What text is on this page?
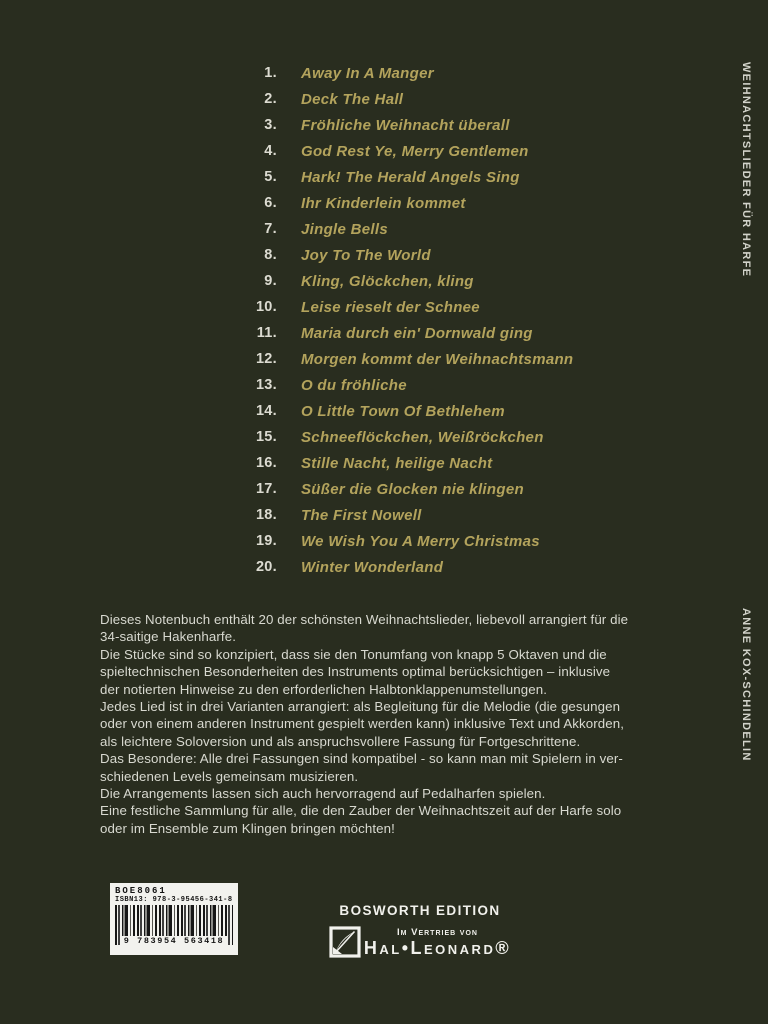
1. Away In A Manger
2. Deck The Hall
3. Fröhliche Weihnacht überall
4. God Rest Ye, Merry Gentlemen
5. Hark! The Herald Angels Sing
6. Ihr Kinderlein kommet
7. Jingle Bells
8. Joy To The World
9. Kling, Glöckchen, kling
10. Leise rieselt der Schnee
11. Maria durch ein' Dornwald ging
12. Morgen kommt der Weihnachtsmann
13. O du fröhliche
14. O Little Town Of Bethlehem
15. Schneeflöckchen, Weißröckchen
16. Stille Nacht, heilige Nacht
17. Süßer die Glocken nie klingen
18. The First Nowell
19. We Wish You A Merry Christmas
20. Winter Wonderland
Dieses Notenbuch enthält 20 der schönsten Weihnachtslieder, liebevoll arrangiert für die
34-saitige Hakenharfe.
Die Stücke sind so konzipiert, dass sie den Tonumfang von knapp 5 Oktaven und die
spieltechnischen Besonderheiten des Instruments optimal berücksichtigen – inklusive
der notierten Hinweise zu den erforderlichen Halbtonklappenumstellungen.
Jedes Lied ist in drei Varianten arrangiert: als Begleitung für die Melodie (die gesungen
oder von einem anderen Instrument gespielt werden kann) inklusive Text und Akkorden,
als leichtere Soloversion und als anspruchsvollere Fassung für Fortgeschrittene.
Das Besondere: Alle drei Fassungen sind kompatibel - so kann man mit Spielern in ver-
schiedenen Levels gemeinsam musizieren.
Die Arrangements lassen sich auch hervorragend auf Pedalharfen spielen.
Eine festliche Sammlung für alle, die den Zauber der Weihnachtszeit auf der Harfe solo
oder im Ensemble zum Klingen bringen möchten!
WEIHNACHTSLIEDER FÜR HARFE
ANNE KOX-SCHINDELIN
BOE8061
ISBN13: 978-3-95456-341-8
9 783954 563418
BOSWORTH EDITION
Im Vertrieb von
Hal•Leonard®
